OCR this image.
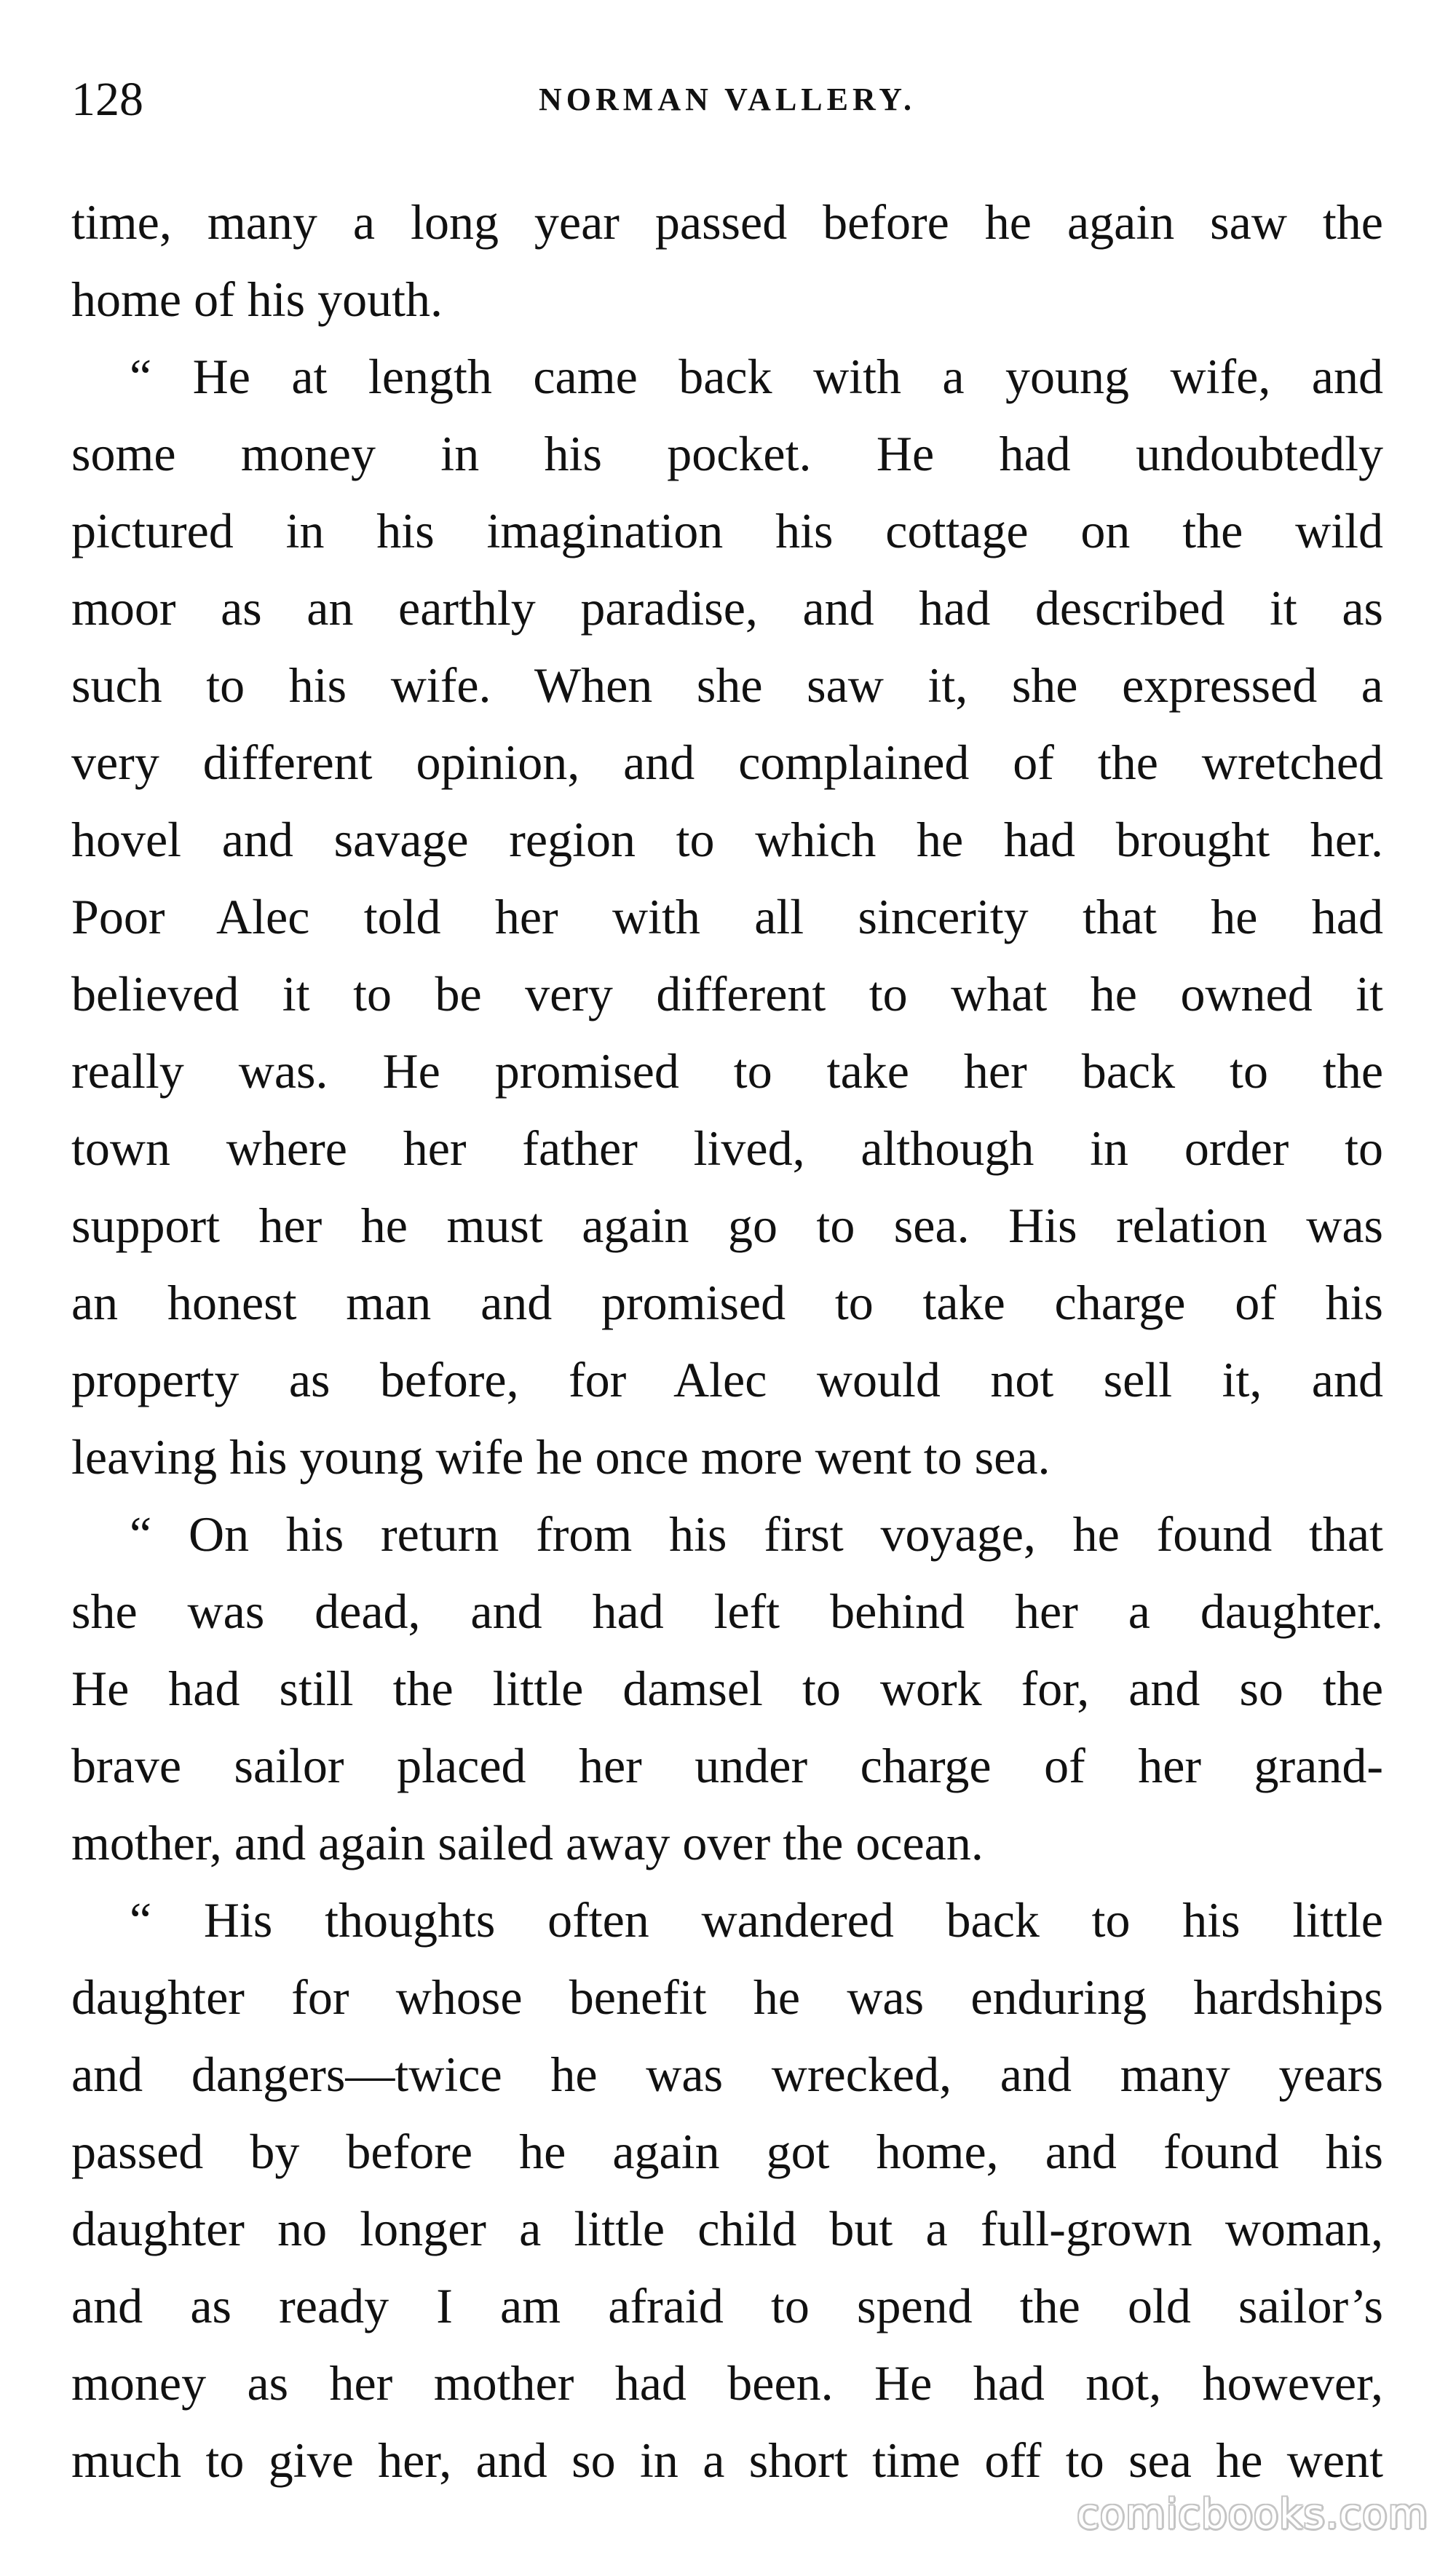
128	NORMAN VALLERY.
time, many a long year passed before he again saw the
home of his youth.
“ He at length came back with a young wife, and
some money in his pocket. He had undoubtedly
pictured in his imagination his cottage on the wild
moor as an earthly paradise, and had described it as
such to his wife. When she saw it, she expressed a
very different opinion, and complained of the wretched
hovel and savage region to which he had brought her.
Poor Alec told her with all sincerity that he had
believed it to be very different to what he owned it
really was. He promised to take her back to the
town where her father lived, although in order to
support her he must again go to sea. His relation was
an honest man and promised to take charge of his
property as before, for Alec would not sell it, and
leaving his young wife he once more went to sea.
“ On his return from his first voyage, he found that
she was dead, and had left behind her a daughter.
He had still the little damsel to work for, and so the
brave sailor placed her under charge of her grand-
mother, and again sailed away over the ocean.
“ His thoughts often wandered back to his little
daughter for whose benefit he was enduring hardships
and dangers—twice he was wrecked, and many years
passed by before he again got home, and found his
daughter no longer a little child but a full-grown woman,
and as ready I am afraid to spend the old sailor’s
money as her mother had been. He had not, however,
much to give her, and so in a short time off to sea he went
comicbooks.com
